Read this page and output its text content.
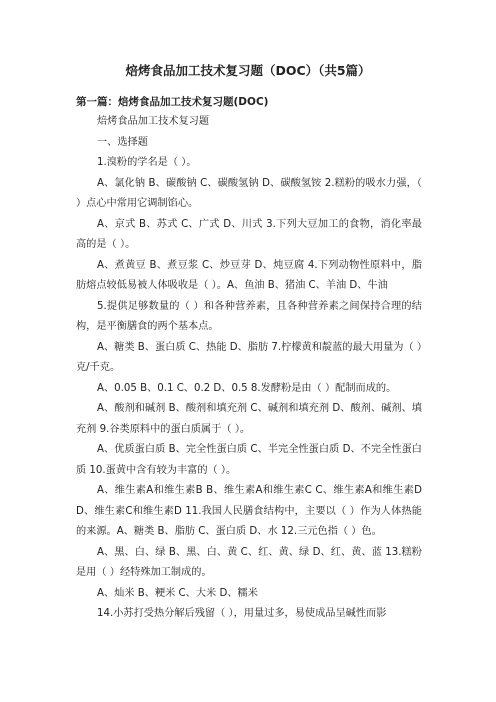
焙烤食品加工技术复习题（DOC）（共5篇）
第一篇：焙烤食品加工技术复习题(DOC)

焙烤食品加工技术复习题

一、选择题

1.溴粉的学名是（ ）。

A、氯化钠 B、碳酸钠 C、碳酸氢钠 D、碳酸氢铵 2.糕粉的吸水力强，（ ）点心中常用它调制馅心。

A、京式 B、苏式 C、广式 D、川式 3.下列大豆加工的食物，消化率最高的是（ ）。

A、煮黄豆 B、煮豆浆 C、炒豆芽 D、炖豆腐 4.下列动物性原料中，脂肪熔点较低易被人体吸收是（ ）。A、鱼油 B、猪油 C、羊油 D、牛油

5.提供足够数量的（ ）和各种营养素，且各种营养素之间保持合理的结构，是平衡膳食的两个基本点。

A、糖类 B、蛋白质 C、热能 D、脂肪 7.柠檬黄和靛蓝的最大用量为（ ）克/千克。

A、0.05 B、0.1 C、0.2 D、0.5 8.发酵粉是由（ ）配制而成的。

A、酸剂和碱剂 B、酸剂和填充剂 C、碱剂和填充剂 D、酸剂、碱剂、填充剂 9.谷类原料中的蛋白质属于（ ）。

A、优质蛋白质 B、完全性蛋白质 C、半完全性蛋白质 D、不完全性蛋白质 10.蛋黄中含有较为丰富的（ ）。

A、维生素A和维生素B B、维生素A和维生素C C、维生素A和维生素D D、维生素C和维生素D 11.我国人民膳食结构中，主要以（ ）作为人体热能的来源。A、糖类 B、脂肪 C、蛋白质 D、水 12.三元色指（ ）色。

A、黑、白、绿 B、黑、白、黄 C、红、黄、绿 D、红、黄、蓝 13.糕粉是用（ ）经特殊加工制成的。

A、灿米 B、粳米 C、大米 D、糯米

14.小苏打受热分解后残留（ ），用量过多，易使成品呈碱性而影
